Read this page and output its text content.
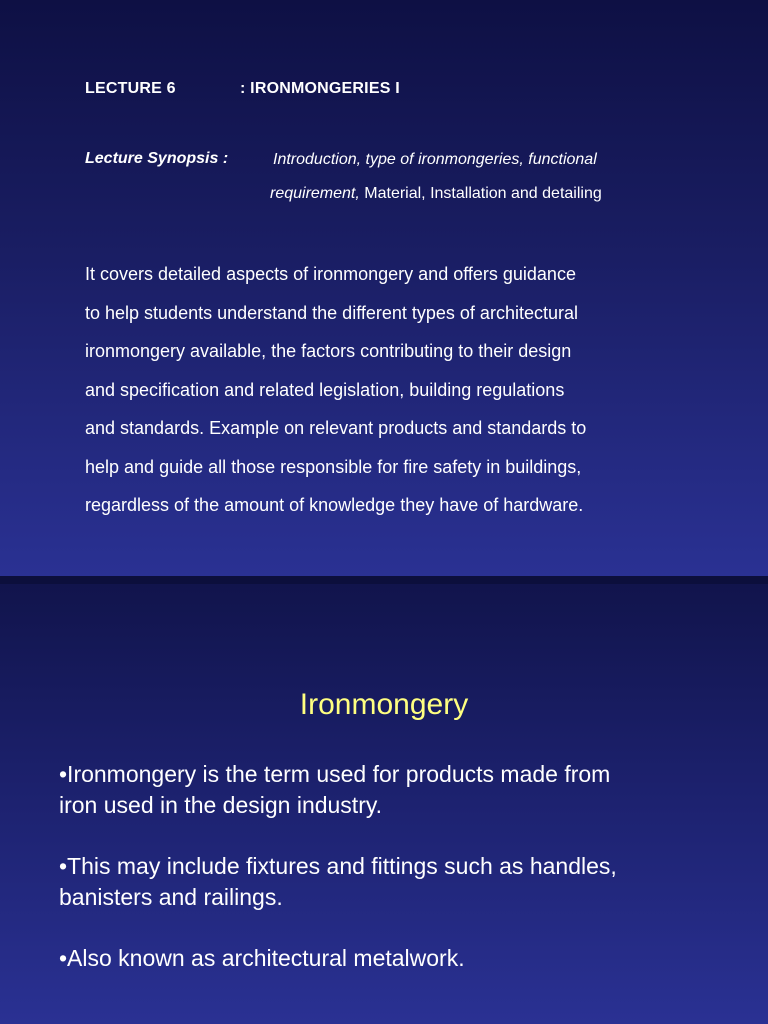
LECTURE 6	: IRONMONGERIES I
Lecture Synopsis :	Introduction, type of ironmongeries, functional
requirement, Material, Installation and detailing
It covers detailed aspects of ironmongery and offers guidance
to help students understand the different types of architectural
ironmongery available, the factors contributing to their design
and specification and related legislation, building regulations
and standards. Example on relevant products and standards to
help and guide all those responsible for fire safety in buildings,
regardless of the amount of knowledge they have of hardware.
Ironmongery
•Ironmongery is the term used for products made from
iron used in the design industry.
•This may include fixtures and fittings such as handles,
banisters and railings.
•Also known as architectural metalwork.
